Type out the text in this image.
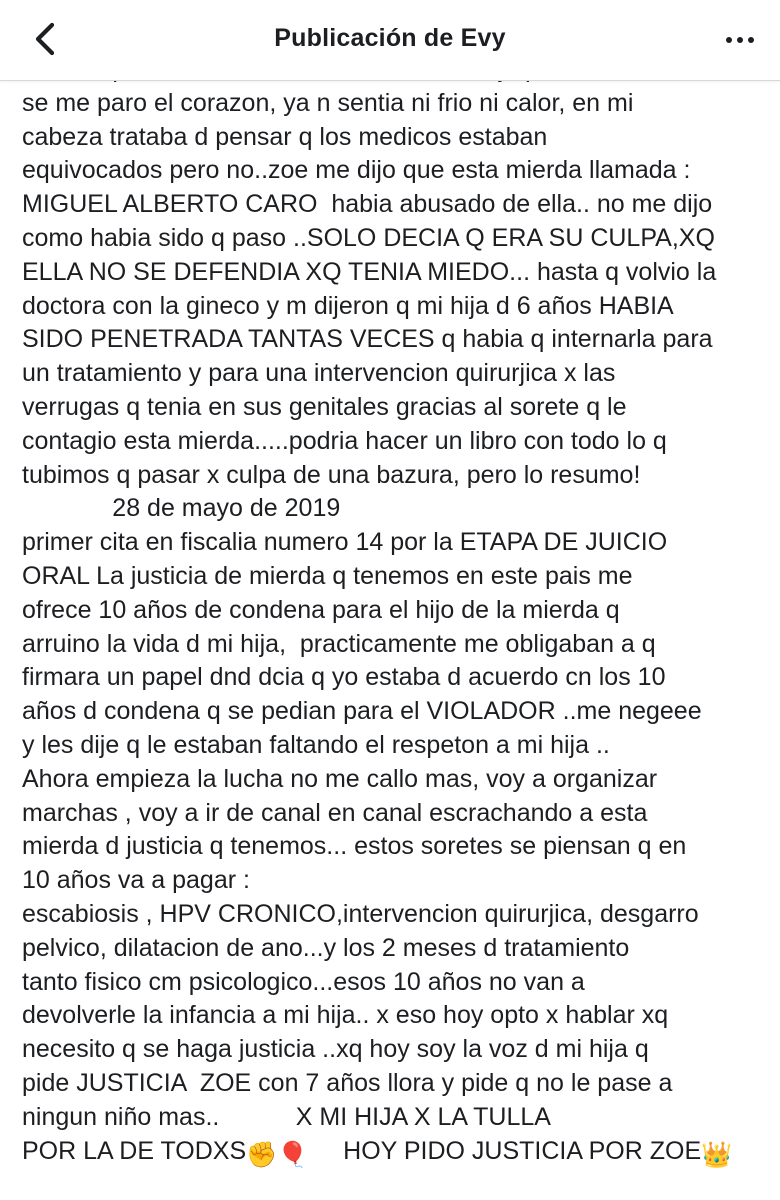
se me paro el corazon, ya n sentia ni frio ni calor, en mi
cabeza trataba d pensar q los medicos estaban
equivocados pero no..zoe me dijo que esta mierda llamada :
MIGUEL ALBERTO CARO  habia abusado de ella.. no me dijo
como habia sido q paso ..SOLO DECIA Q ERA SU CULPA,XQ
ELLA NO SE DEFENDIA XQ TENIA MIEDO... hasta q volvio la
doctora con la gineco y m dijeron q mi hija d 6 años HABIA
SIDO PENETRADA TANTAS VECES q habia q internarla para
un tratamiento y para una intervencion quirurjica x las
verrugas q tenia en sus genitales gracias al sorete q le
contagio esta mierda.....podria hacer un libro con todo lo q
tubimos q pasar x culpa de una bazura, pero lo resumo!
28 de mayo de 2019
primer cita en fiscalia numero 14 por la ETAPA DE JUICIO
ORAL La justicia de mierda q tenemos en este pais me
ofrece 10 años de condena para el hijo de la mierda q
arruino la vida d mi hija,  practicamente me obligaban a q
firmara un papel dnd dcia q yo estaba d acuerdo cn los 10
años d condena q se pedian para el VIOLADOR ..me negeee
y les dije q le estaban faltando el respeton a mi hija ..
Ahora empieza la lucha no me callo mas, voy a organizar
marchas , voy a ir de canal en canal escrachando a esta
mierda d justicia q tenemos... estos soretes se piensan q en
10 años va a pagar :
escabiosis , HPV CRONICO,intervencion quirurjica, desgarro
pelvico, dilatacion de ano...y los 2 meses d tratamiento
tanto fisico cm psicologico...esos 10 años no van a
devolverle la infancia a mi hija.. x eso hoy opto x hablar xq
necesito q se haga justicia ..xq hoy soy la voz d mi hija q
pide JUSTICIA  ZOE con 7 años llora y pide q no le pase a
ningun niño mas..           X MI HIJA X LA TULLA
POR LA DE TODXS✊🎈     HOY PIDO JUSTICIA POR ZOE👑
Publicación de Evy
